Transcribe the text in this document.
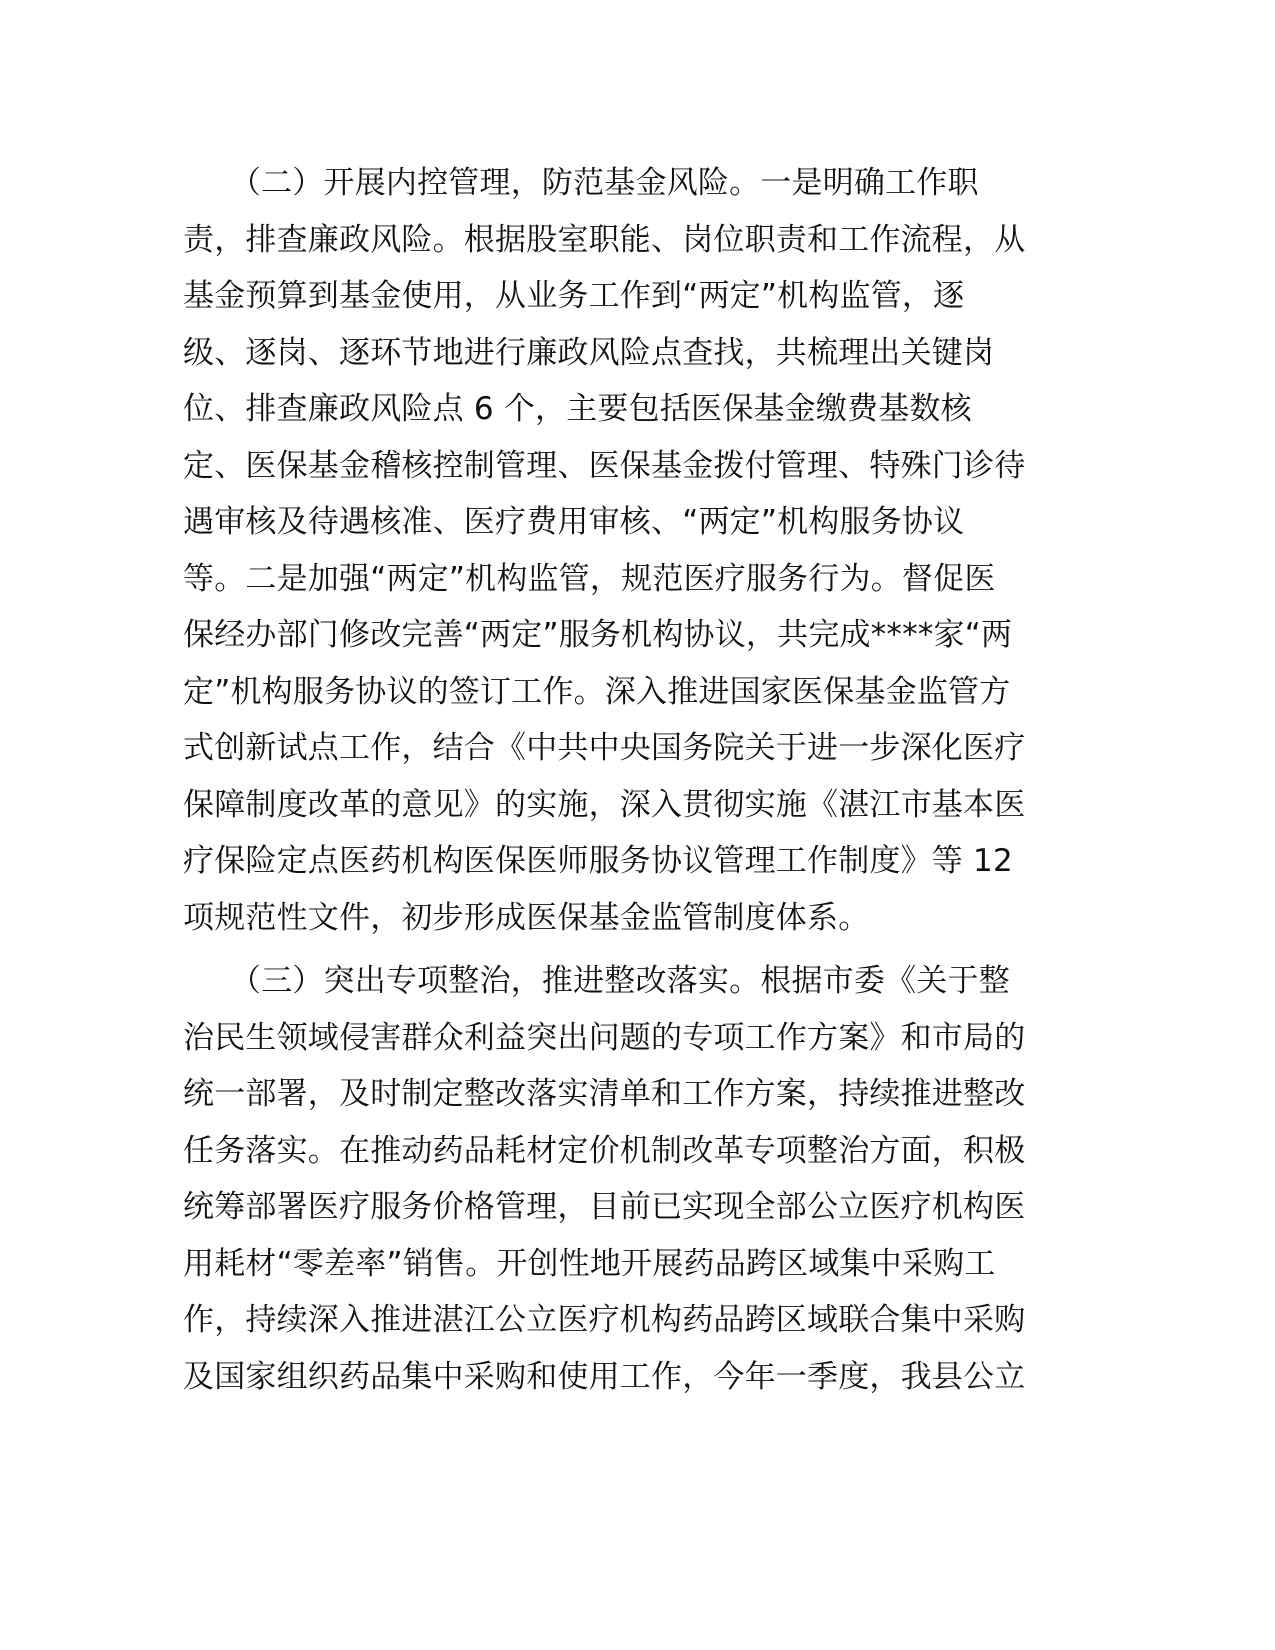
　　（二）开展内控管理，防范基金风险。一是明确工作职
责，排查廉政风险。根据股室职能、岗位职责和工作流程，从
基金预算到基金使用，从业务工作到“两定”机构监管，逐
级、逐岗、逐环节地进行廉政风险点查找，共梳理出关键岗
位、排查廉政风险点 6 个，主要包括医保基金缴费基数核
定、医保基金稽核控制管理、医保基金拨付管理、特殊门诊待
遇审核及待遇核准、医疗费用审核、“两定”机构服务协议
等。二是加强“两定”机构监管，规范医疗服务行为。督促医
保经办部门修改完善“两定”服务机构协议，共完成****家“两
定”机构服务协议的签订工作。深入推进国家医保基金监管方
式创新试点工作，结合《中共中央国务院关于进一步深化医疗
保障制度改革的意见》的实施，深入贯彻实施《湛江市基本医
疗保险定点医药机构医保医师服务协议管理工作制度》等 12
项规范性文件，初步形成医保基金监管制度体系。
　　（三）突出专项整治，推进整改落实。根据市委《关于整
治民生领域侵害群众利益突出问题的专项工作方案》和市局的
统一部署，及时制定整改落实清单和工作方案，持续推进整改
任务落实。在推动药品耗材定价机制改革专项整治方面，积极
统筹部署医疗服务价格管理，目前已实现全部公立医疗机构医
用耗材“零差率”销售。开创性地开展药品跨区域集中采购工
作，持续深入推进湛江公立医疗机构药品跨区域联合集中采购
及国家组织药品集中采购和使用工作，今年一季度，我县公立
